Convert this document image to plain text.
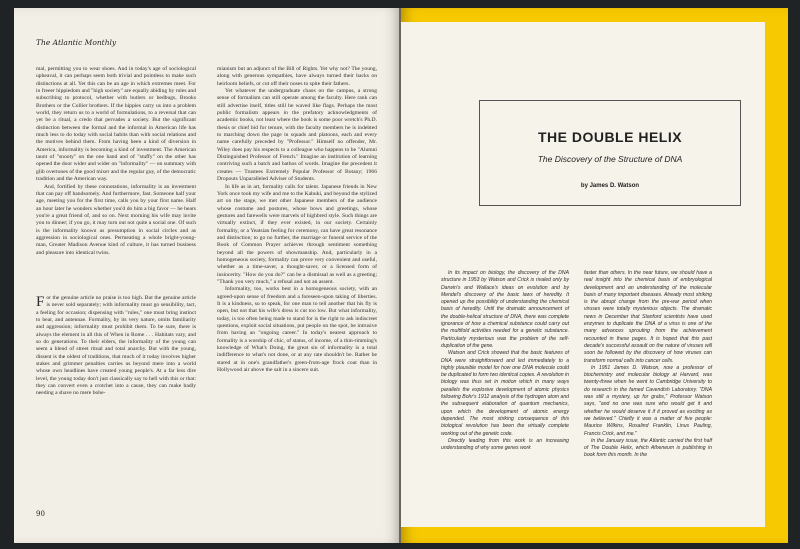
The Atlantic Monthly

mal, permitting you to wear shoes. And in today's age of sociological upheaval, it can perhaps seem both trivial and pointless to make such distinctions at all. Yet this can be an age in which extremes meet. For in freeer hippiedom and "high society" are equally abiding by rules and subscribing to protocol, whether with butlers or bedbugs, Brooks Brothers or the Collier brothers. If the hippies carry us into a problem world, they return us to a world of formulations, to a reversal that can yet be a ritual, a credo that pervades a society. But the significant distinction between the formal and the informal in American life has much less to do today with social habits than with social relations and the motives behind them. From having been a kind of diversion in America, informality is becoming a kind of investment. The American taunt of "snooty" on the one hand and of "stuffy" on the other has opened the door wider and wider on "informality" — on summary with glib overtones of the good mixer and the regular guy, of the democratic tradition and the American way.

And, fortified by these connotations, informality is an investment that can pay off handsomely. And furthermore, fast. Someone half your age, meeting you for the first time, calls you by your first name. Half an hour later he wonders whether you'd do him a big favor — he hears you're a great friend of, and so on. Next morning his wife may invite you to dinner; if you go, it may turn out not quite a social one. Of such is the informality known as presumption in social circles and as aggression in sociological ones. Permeating a whole bright-young-man, Greater Madison Avenue kind of culture, it has turned business and pleasure into identical twins.

For the genuine article no praise is too high. But the genuine article is never sold separately; with informality must go sensibility, tact, a feeling for occasion; dispensing with "rules," one must bring instinct to bear, and antennae. Formality, by its very nature, omits familiarity and aggression; informality must prohibit them. To be sure, there is always the element in all this of When in Rome . . . Habitats vary, and so do generations. To their elders, the informality of the young can seem a blend of street ritual and total anarchy. But with the young, dissent is the oldest of traditions, that much of it today involves higher stakes and grimmer penalties carries us beyond mere into a world whose own headlines have created young people's. At a far less dire level, the young today don't just classically say to hell with this or that: they can convert even a crotchet into a cause, they can make badly needing a shave no mere bohe-

mianism but an adjunct of the Bill of Rights. Yet why not? The young, along with generous sympathies, have always turned their backs on heirloom beliefs, or cut off their noses to spite their fathers.

Yet whatever the undergraduate chaos on the campus, a strong sense of formalism can still operate among the faculty. Here rank can still advertise itself, titles still be waved like flags. Perhaps the most public formalism appears in the prefatory acknowledgments of academic books, not least where the book is some poor wretch's Ph.D. thesis or chief bid for tenure, with the faculty members he is indebted to marching down the page in squads and platoons, each and every name carefully preceded by "Professor." Himself no offender, Mr. Wiley does pay his respects to a colleague who happens to be "Alumni Distinguished Professor of French." Imagine an institution of learning contriving such a batch and bathos of words. Imagine the precedent it creates — Trustees Extremely Popular Professor of Botany; 1966 Dropouts Unparalleled Adviser of Students.

In life as in art, formality calls for talent. Japanese friends in New York once took my wife and me to the Kabuki, and beyond the stylized art on the stage, we met other Japanese members of the audience whose costume and postures, whose bows and greetings, whose gestures and farewells were marvels of highbred style. Such things are virtually extinct, if they ever existed, in our society. Certainly formality, or a Yeatsian feeling for ceremony, can have great resonance and distinction; to go no further, the marriage or funeral service of the Book of Common Prayer achieves through sentiment something beyond all the powers of showmanship. And, particularly in a homogeneous society, formality can prove very convenient and useful, whether as a time-saver, a thought-saver, or a licensed form of insincerity. "How do you do?" can be a dismissal as well as a greeting; "Thank you very much," a refusal and not an assent.

Informality, too, works best in a homogeneous society, with an agreed-upon sense of freedom and a foreseen-upon taking of liberties. It is a kindness, so to speak, for one man to tell another that his fly is open, but not that his wife's dress is cut too low. But what informality, today, is too often being made to stand for is the right to ask indiscreet questions, exploit social situations, put people on the spot, be intrusive from having an "ongoing career." In today's nearest approach to formality is a worship of chic, of status, of income, of a thin-rimming's knowledge of What's Doing, the great sin of informality is a total indifference to what's not done, or at any rate shouldn't be. Rather he stared at in one's grandfather's green-from-age frock coat than in Hollywood air above the salt in a sincere suit.

90
THE DOUBLE HELIX
The Discovery of the Structure of DNA
by James D. Watson

In its impact on biology, the discovery of the DNA structure in 1953 by Watson and Crick is rivaled only by Darwin's and Wallace's ideas on evolution and by Mendel's discovery of the basic laws of heredity. It opened up the possibility of understanding the chemical basis of heredity. Until the dramatic announcement of the double-helical structure of DNA, there was complete ignorance of how a chemical substance could carry out the multifold activities needed for a genetic substance. Particularly mysterious was the problem of the self-duplication of the gene.

Watson and Crick showed that the basic features of DNA were straightforward and led immediately to a highly plausible model for how one DNA molecule could be duplicated to form two identical copies. A revolution in biology was thus set in motion which in many ways parallels the explosive development of atomic physics following Bohr's 1912 analysis of the hydrogen atom and the subsequent elaboration of quantum mechanics, upon which the development of atomic energy depended. The most striking consequence of this biological revolution has been the virtually complete working out of the genetic code.

Directly leading from this work is an increasing understanding of why some genes work

faster than others. In the near future, we should have a real insight into the chemical basis of embryological development and an understanding of the molecular basis of many important diseases. Already most striking is the abrupt change from the pre-war period when viruses were totally mysterious objects. The dramatic news in December that Stanford scientists have used enzymes to duplicate the DNA of a virus is one of the many advances sprouting from the achievement recounted in these pages. It is hoped that this past decade's successful assault on the nature of viruses will soon be followed by the discovery of how viruses can transform normal cells into cancer cells.

In 1951 James D. Watson, now a professor of biochemistry and molecular biology at Harvard, was twenty-three when he went to Cambridge University to do research in the famed Cavendish Laboratory. "DNA was still a mystery, up for grabs," Professor Watson says, "and no one was sure who would get it and whether he would deserve it if it proved as exciting as we believed." Chiefly it was a matter of five people: Maurice Wilkins, Rosalind Franklin, Linus Pauling, Francis Crick, and me."

In the January issue, the Atlantic carried the first half of The Double Helix, which Atheneum is publishing in book form this month. In the
